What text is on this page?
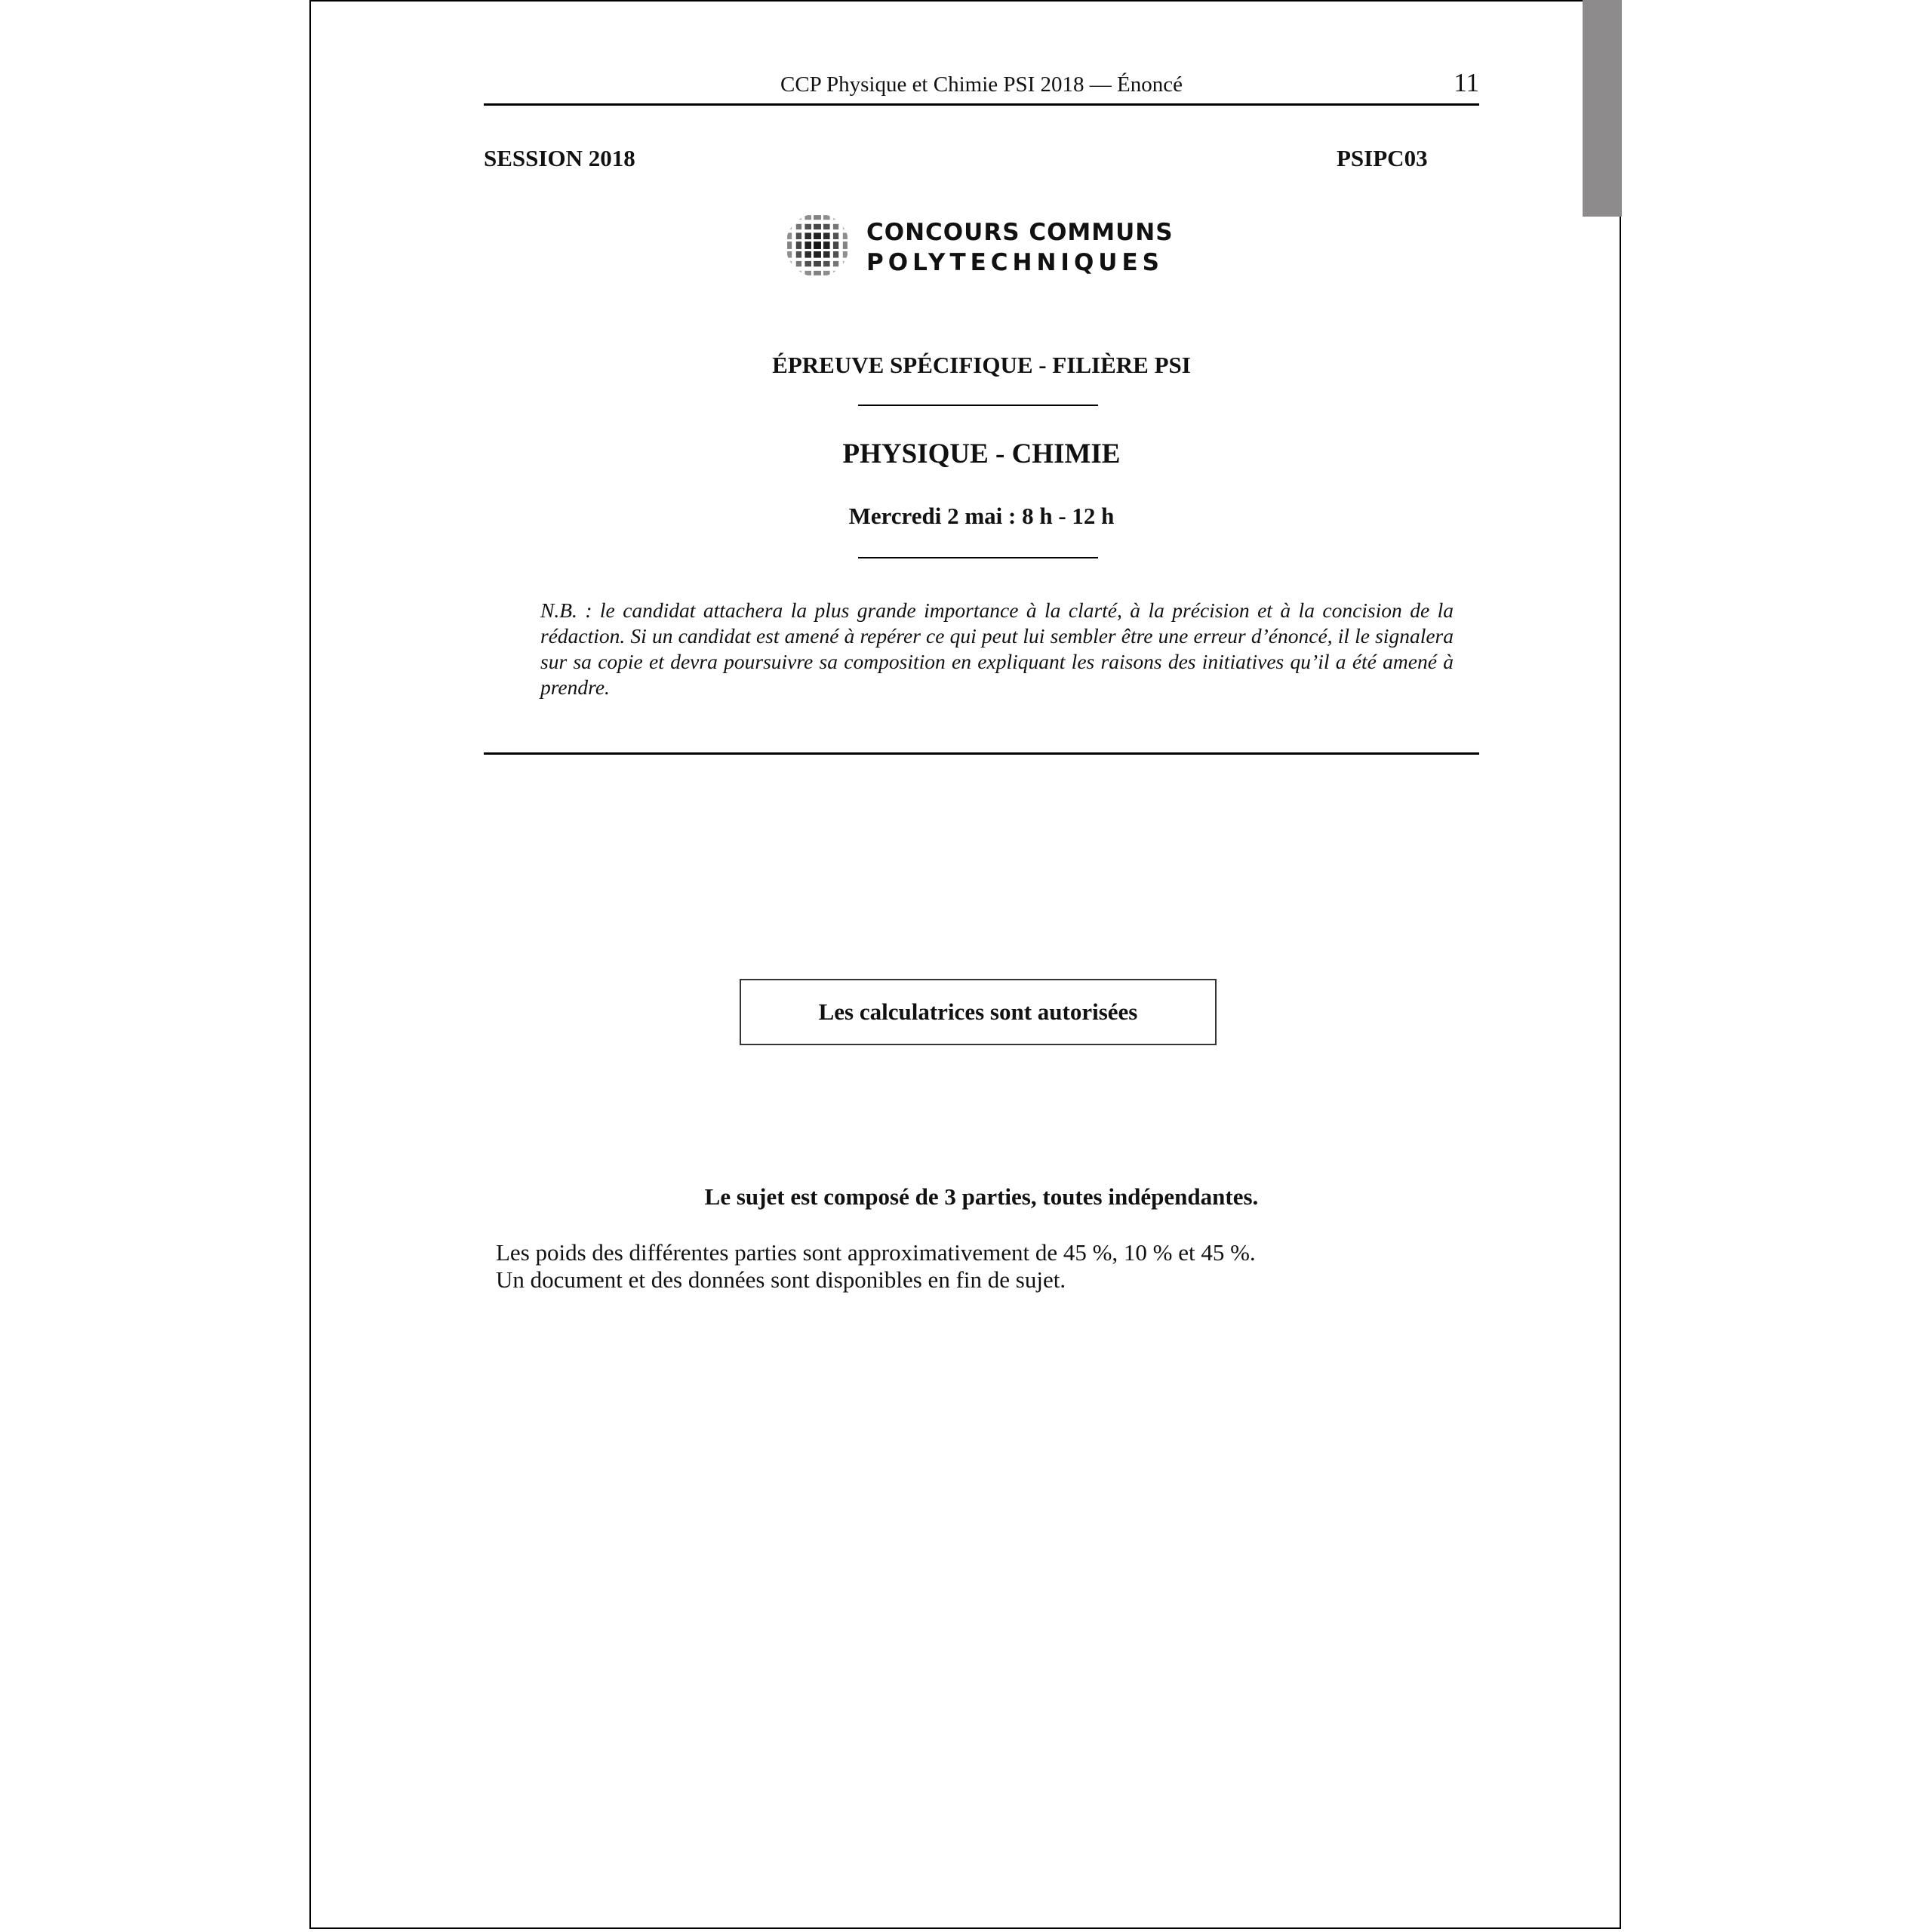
CCP Physique et Chimie PSI 2018 — Énoncé	11
SESSION 2018	PSIPC03
CONCOURS COMMUNS
POLYTECHNIQUES
ÉPREUVE SPÉCIFIQUE - FILIÈRE PSI
PHYSIQUE - CHIMIE
Mercredi 2 mai : 8 h - 12 h
N.B. : le candidat attachera la plus grande importance à la clarté, à la précision et à la concision de la rédaction. Si un candidat est amené à repérer ce qui peut lui sembler être une erreur d’énoncé, il le signalera sur sa copie et devra poursuivre sa composition en expliquant les raisons des initiatives qu’il a été amené à prendre.
Les calculatrices sont autorisées
Le sujet est composé de 3 parties, toutes indépendantes.
Les poids des différentes parties sont approximativement de 45 %, 10 % et 45 %.
Un document et des données sont disponibles en fin de sujet.
